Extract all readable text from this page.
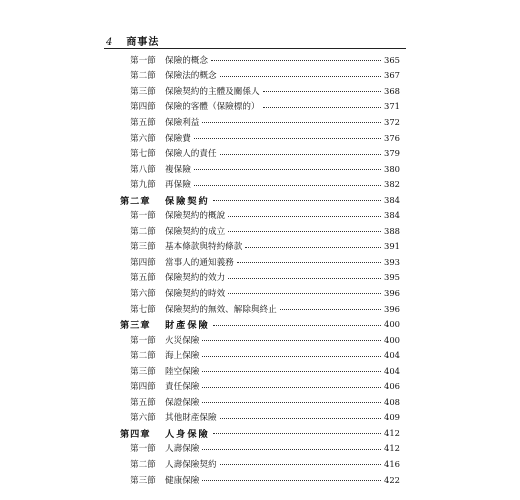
4 商事法
第一節	保險的概念	365
第二節	保險法的概念	367
第三節	保險契約的主體及關係人	368
第四節	保險的客體（保險標的）	371
第五節	保險利益	372
第六節	保險費	376
第七節	保險人的責任	379
第八節	複保險	380
第九節	再保險	382
第二章	保險契約	384
第一節	保險契約的概說	384
第二節	保險契約的成立	388
第三節	基本條款與特約條款	391
第四節	當事人的通知義務	393
第五節	保險契約的效力	395
第六節	保險契約的時效	396
第七節	保險契約的無效、解除與終止	396
第三章	財產保險	400
第一節	火災保險	400
第二節	海上保險	404
第三節	陸空保險	404
第四節	責任保險	406
第五節	保證保險	408
第六節	其他財產保險	409
第四章	人身保險	412
第一節	人壽保險	412
第二節	人壽保險契約	416
第三節	健康保險	422
